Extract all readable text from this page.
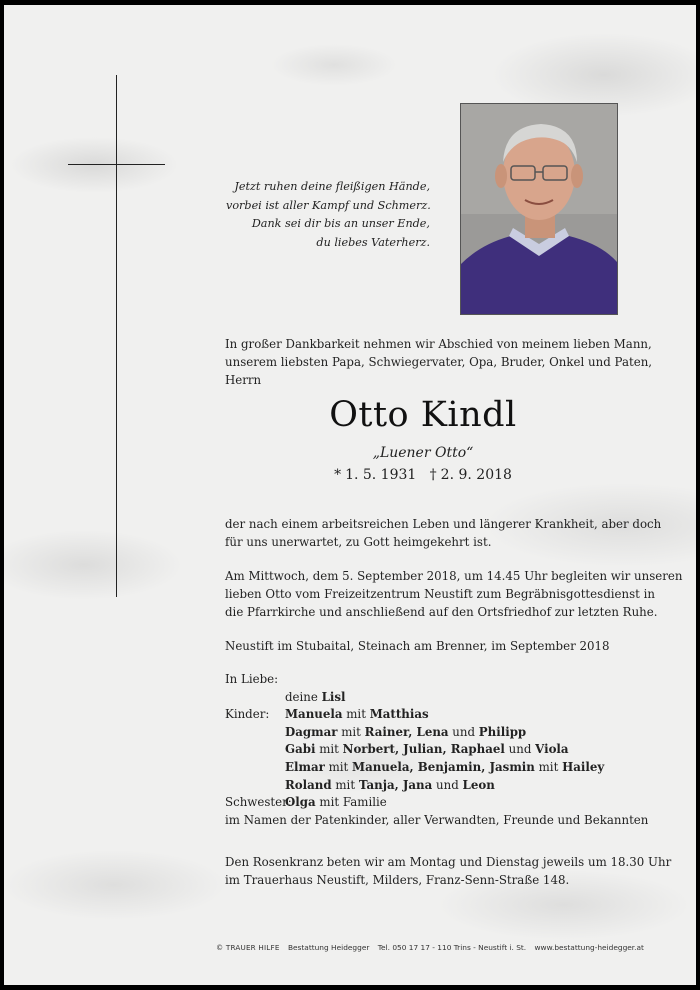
Jetzt ruhen deine fleißigen Hände,
vorbei ist aller Kampf und Schmerz.
Dank sei dir bis an unser Ende,
du liebes Vaterherz.
In großer Dankbarkeit nehmen wir Abschied von meinem lieben Mann,
unserem liebsten Papa, Schwiegervater, Opa, Bruder, Onkel und Paten,
Herrn
Otto Kindl
„Luener Otto“
* 1. 5. 1931 † 2. 9. 2018
der nach einem arbeitsreichen Leben und längerer Krankheit, aber doch
für uns unerwartet, zu Gott heimgekehrt ist.
Am Mittwoch, dem 5. September 2018, um 14.45 Uhr begleiten wir unseren
lieben Otto vom Freizeitzentrum Neustift zum Begräbnisgottesdienst in
die Pfarrkirche und anschließend auf den Ortsfriedhof zur letzten Ruhe.
Neustift im Stubaital, Steinach am Brenner, im September 2018
In Liebe:
deine
Lisl
Kinder:	Manuela
mit
Matthias
Dagmar
mit
Rainer, Lena
und
Philipp
Gabi
mit
Norbert, Julian, Raphael
und
Viola
Elmar
mit
Manuela, Benjamin, Jasmin
mit
Hailey
Roland
mit
Tanja, Jana
und
Leon
Schwester:
Olga
mit Familie
im Namen der Patenkinder, aller Verwandten, Freunde und Bekannten
Den Rosenkranz beten wir am Montag und Dienstag jeweils um 18.30 Uhr
im Trauerhaus Neustift, Milders, Franz-Senn-Straße 148.
© TRAUER HILFE Bestattung Heidegger Tel. 050 17 17 - 110 Trins - Neustift i. St. www.bestattung-heidegger.at
